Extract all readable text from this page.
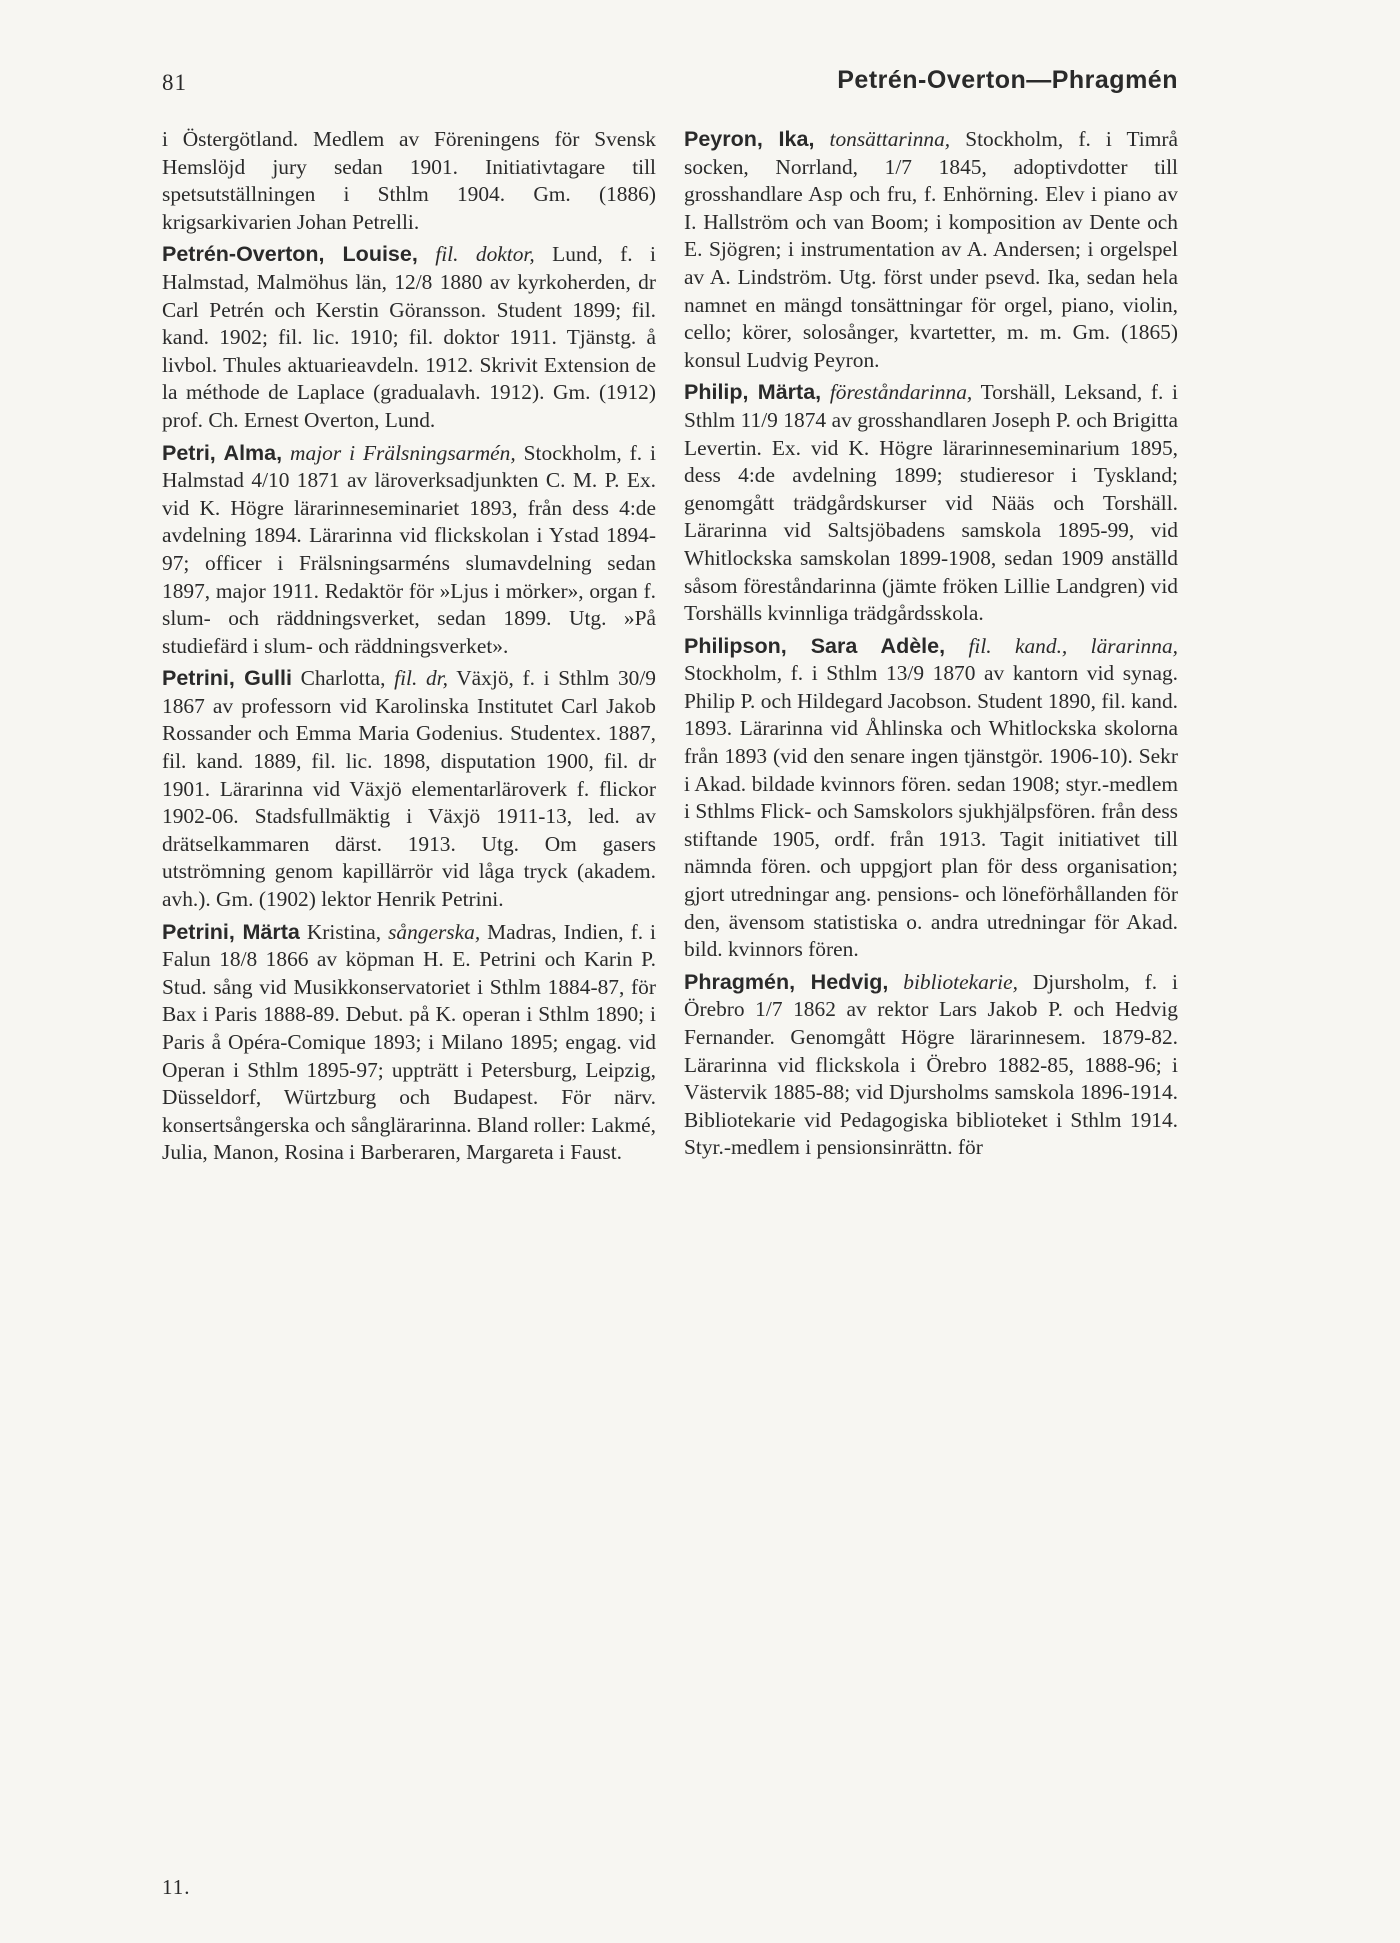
81	Petrén-Overton—Phragmén

i Östergötland. Medlem av Föreningens för Svensk Hemslöjd jury sedan 1901. Initiativtagare till spetsutställningen i Sthlm 1904. Gm. (1886) krigsarkivarien Johan Petrelli.

Petrén-Overton, Louise, fil. doktor, Lund, f. i Halmstad, Malmöhus län, 12/8 1880 av kyrkoherden, dr Carl Petrén och Kerstin Göransson. Student 1899; fil. kand. 1902; fil. lic. 1910; fil. doktor 1911. Tjänstg. å livbol. Thules aktuarieavdeln. 1912. Skrivit Extension de la méthode de Laplace (gradualavh. 1912). Gm. (1912) prof. Ch. Ernest Overton, Lund.

Petri, Alma, major i Frälsningsarmén, Stockholm, f. i Halmstad 4/10 1871 av läroverksadjunkten C. M. P. Ex. vid K. Högre lärarinneseminariet 1893, från dess 4:de avdelning 1894. Lärarinna vid flickskolan i Ystad 1894-97; officer i Frälsningsarméns slumavdelning sedan 1897, major 1911. Redaktör för »Ljus i mörker», organ f. slum- och räddningsverket, sedan 1899. Utg. »På studiefärd i slum- och räddningsverket».

Petrini, Gulli Charlotta, fil. dr, Växjö, f. i Sthlm 30/9 1867 av professorn vid Karolinska Institutet Carl Jakob Rossander och Emma Maria Godenius. Studentex. 1887, fil. kand. 1889, fil. lic. 1898, disputation 1900, fil. dr 1901. Lärarinna vid Växjö elementarläroverk f. flickor 1902-06. Stadsfullmäktig i Växjö 1911-13, led. av drätselkammaren därst. 1913. Utg. Om gasers utströmning genom kapillärrör vid låga tryck (akadem. avh.). Gm. (1902) lektor Henrik Petrini.

Petrini, Märta Kristina, sångerska, Madras, Indien, f. i Falun 18/8 1866 av köpman H. E. Petrini och Karin P. Stud. sång vid Musikkonservatoriet i Sthlm 1884-87, för Bax i Paris 1888-89. Debut. på K. operan i Sthlm 1890; i Paris å Opéra-Comique 1893; i Milano 1895; engag. vid Operan i Sthlm 1895-97; uppträtt i Petersburg, Leipzig, Düsseldorf, Würtzburg och Budapest. För närv. konsertsångerska och sånglärarinna. Bland roller: Lakmé, Julia, Manon, Rosina i Barberaren, Margareta i Faust.

Peyron, Ika, tonsättarinna, Stockholm, f. i Timrå socken, Norrland, 1/7 1845, adoptivdotter till grosshandlare Asp och fru, f. Enhörning. Elev i piano av I. Hallström och van Boom; i komposition av Dente och E. Sjögren; i instrumentation av A. Andersen; i orgelspel av A. Lindström. Utg. först under psevd. Ika, sedan hela namnet en mängd tonsättningar för orgel, piano, violin, cello; körer, solosånger, kvartetter, m. m. Gm. (1865) konsul Ludvig Peyron.

Philip, Märta, föreståndarinna, Torshäll, Leksand, f. i Sthlm 11/9 1874 av grosshandlaren Joseph P. och Brigitta Levertin. Ex. vid K. Högre lärarinneseminarium 1895, dess 4:de avdelning 1899; studieresor i Tyskland; genomgått trädgårdskurser vid Nääs och Torshäll. Lärarinna vid Saltsjöbadens samskola 1895-99, vid Whitlockska samskolan 1899-1908, sedan 1909 anställd såsom föreståndarinna (jämte fröken Lillie Landgren) vid Torshälls kvinnliga trädgårdsskola.

Philipson, Sara Adèle, fil. kand., lärarinna, Stockholm, f. i Sthlm 13/9 1870 av kantorn vid synag. Philip P. och Hildegard Jacobson. Student 1890, fil. kand. 1893. Lärarinna vid Åhlinska och Whitlockska skolorna från 1893 (vid den senare ingen tjänstgör. 1906-10). Sekr i Akad. bildade kvinnors fören. sedan 1908; styr.-medlem i Sthlms Flick- och Samskolors sjukhjälpsfören. från dess stiftande 1905, ordf. från 1913. Tagit initiativet till nämnda fören. och uppgjort plan för dess organisation; gjort utredningar ang. pensions- och löneförhållanden för den, ävensom statistiska o. andra utredningar för Akad. bild. kvinnors fören.

Phragmén, Hedvig, bibliotekarie, Djursholm, f. i Örebro 1/7 1862 av rektor Lars Jakob P. och Hedvig Fernander. Genomgått Högre lärarinnesem. 1879-82. Lärarinna vid flickskola i Örebro 1882-85, 1888-96; i Västervik 1885-88; vid Djursholms samskola 1896-1914. Bibliotekarie vid Pedagogiska biblioteket i Sthlm 1914. Styr.-medlem i pensionsinrättn. för

11.
